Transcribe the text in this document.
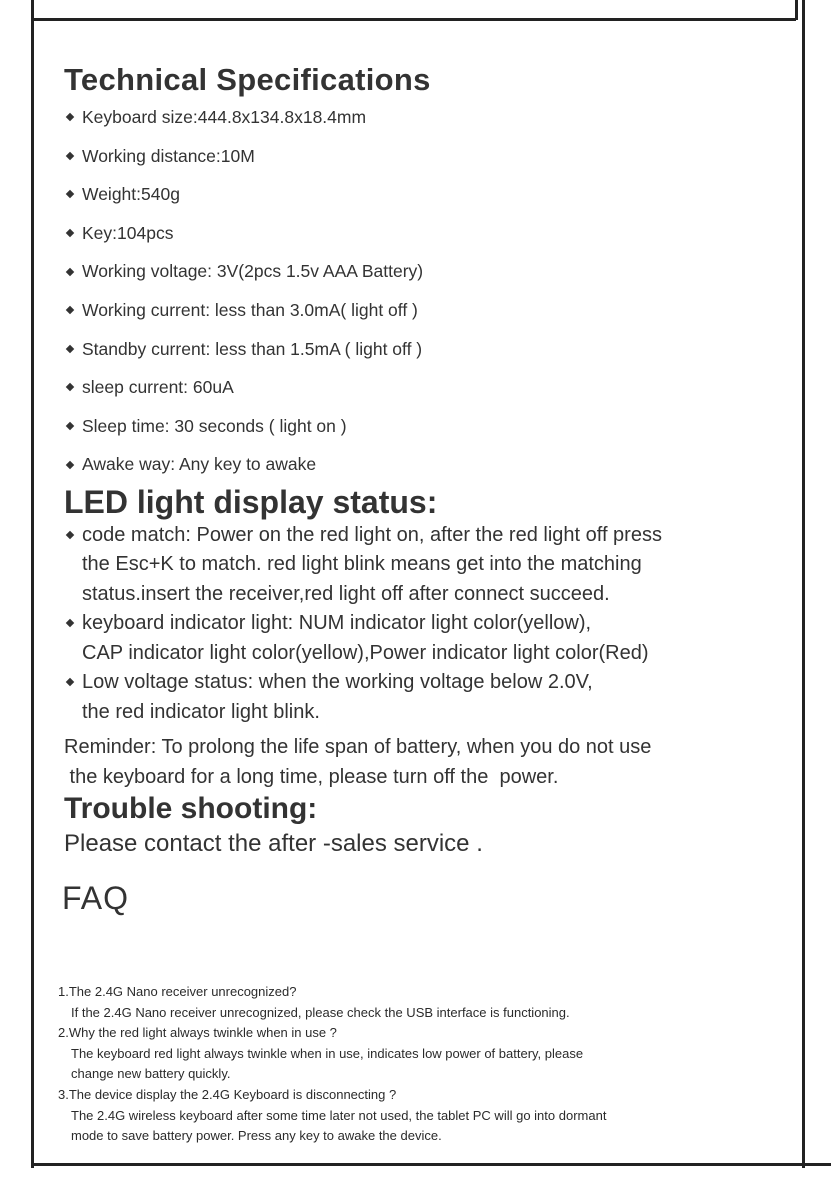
Technical Specifications
Keyboard size:444.8x134.8x18.4mm
Working distance:10M
Weight:540g
Key:104pcs
Working voltage: 3V(2pcs 1.5v AAA Battery)
Working current: less than 3.0mA( light off )
Standby current: less than 1.5mA ( light off )
sleep current: 60uA
Sleep time: 30 seconds ( light on )
Awake way: Any key to awake
LED light display status:
code match: Power on the red light on, after the red light off press
the Esc+K to match. red light blink means get into the matching
status.insert the receiver,red light off after connect succeed.
keyboard indicator light: NUM indicator light color(yellow),
CAP indicator light color(yellow),Power indicator light color(Red)
Low voltage status: when the working voltage below 2.0V,
the red indicator light blink.
Reminder: To prolong the life span of battery, when you do not use
the keyboard for a long time, please turn off the  power.
Trouble shooting:
Please contact the after -sales service .
FAQ
1.The 2.4G Nano receiver unrecognized?
If the 2.4G Nano receiver unrecognized, please check the USB interface is functioning.
2.Why the red light always twinkle when in use ?
The keyboard red light always twinkle when in use, indicates low power of battery, please
change new battery quickly.
3.The device display the 2.4G Keyboard is disconnecting ?
The 2.4G wireless keyboard after some time later not used, the tablet PC will go into dormant
mode to save battery power. Press any key to awake the device.
